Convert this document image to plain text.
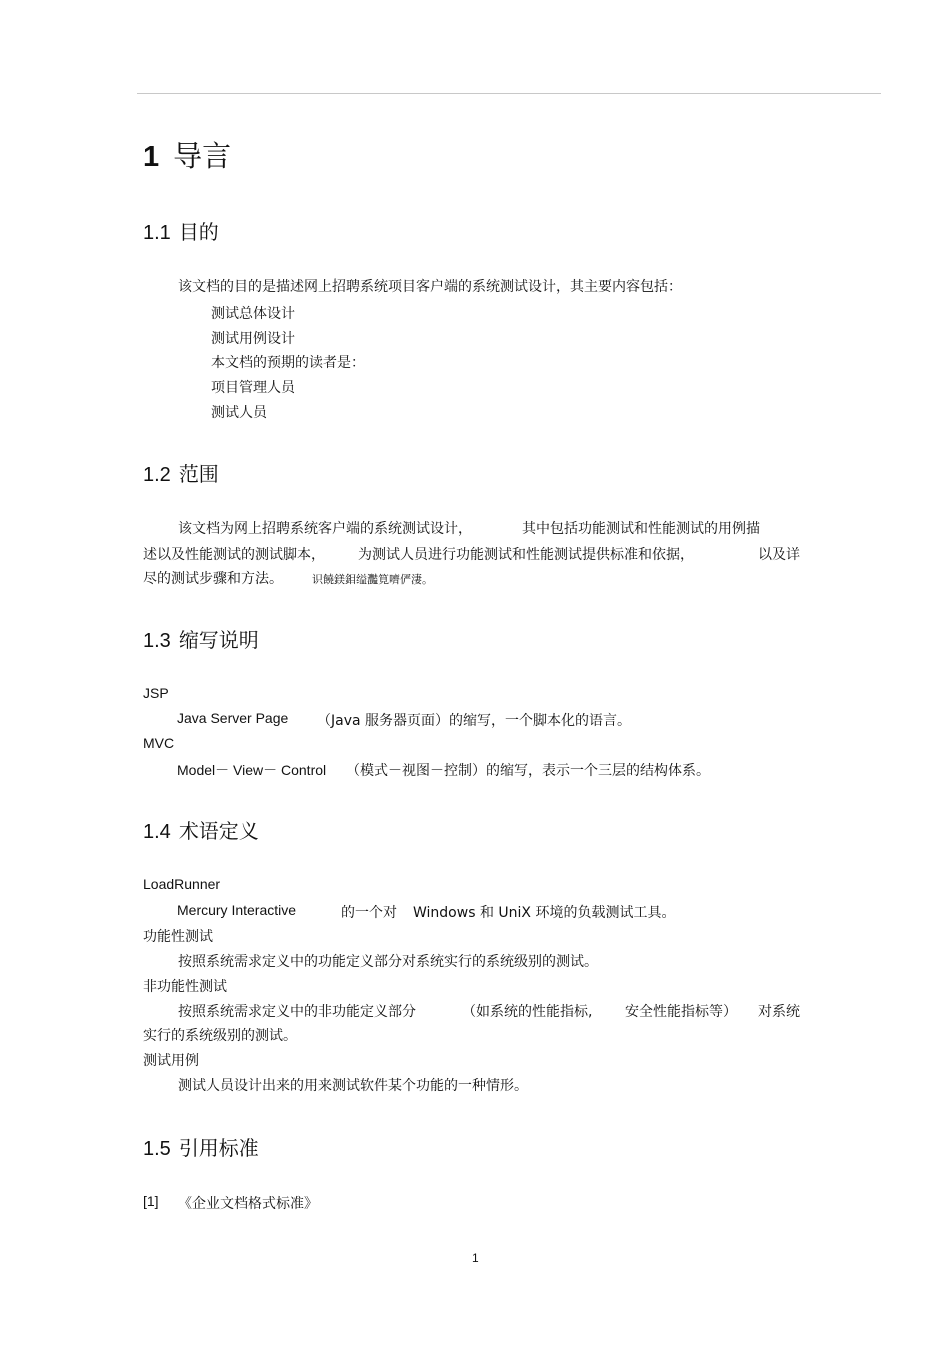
1 导言
1.1 目的
该文档的目的是描述网上招聘系统项目客户端的系统测试设计，其主要内容包括：
测试总体设计
测试用例设计
本文档的预期的读者是：
项目管理人员
测试人员
1.2 范围
该文档为网上招聘系统客户端的系统测试设计，	其中包括功能测试和性能测试的用例描
述以及性能测试的测试脚本， 为测试人员进行功能测试和性能测试提供标准和依据，	以及详
尽的测试步骤和方法。	识饒鎂鉬缢灩筧嚌俨淒。
1.3 缩写说明
JSP
Java Server Page （Java 服务器页面）的缩写，一个脚本化的语言。
MVC
Model－ View－ Control （模式－视图－控制）的缩写，表示一个三层的结构体系。
1.4 术语定义
LoadRunner
Mercury Interactive	的一个对 Windows 和 UniX 环境的负载测试工具。
功能性测试
按照系统需求定义中的功能定义部分对系统实行的系统级别的测试。
非功能性测试
按照系统需求定义中的非功能定义部分	（如系统的性能指标, 安全性能指标等） 对系统
实行的系统级别的测试。
测试用例
测试人员设计出来的用来测试软件某个功能的一种情形。
1.5 引用标准
[1] 《企业文档格式标准》
1
